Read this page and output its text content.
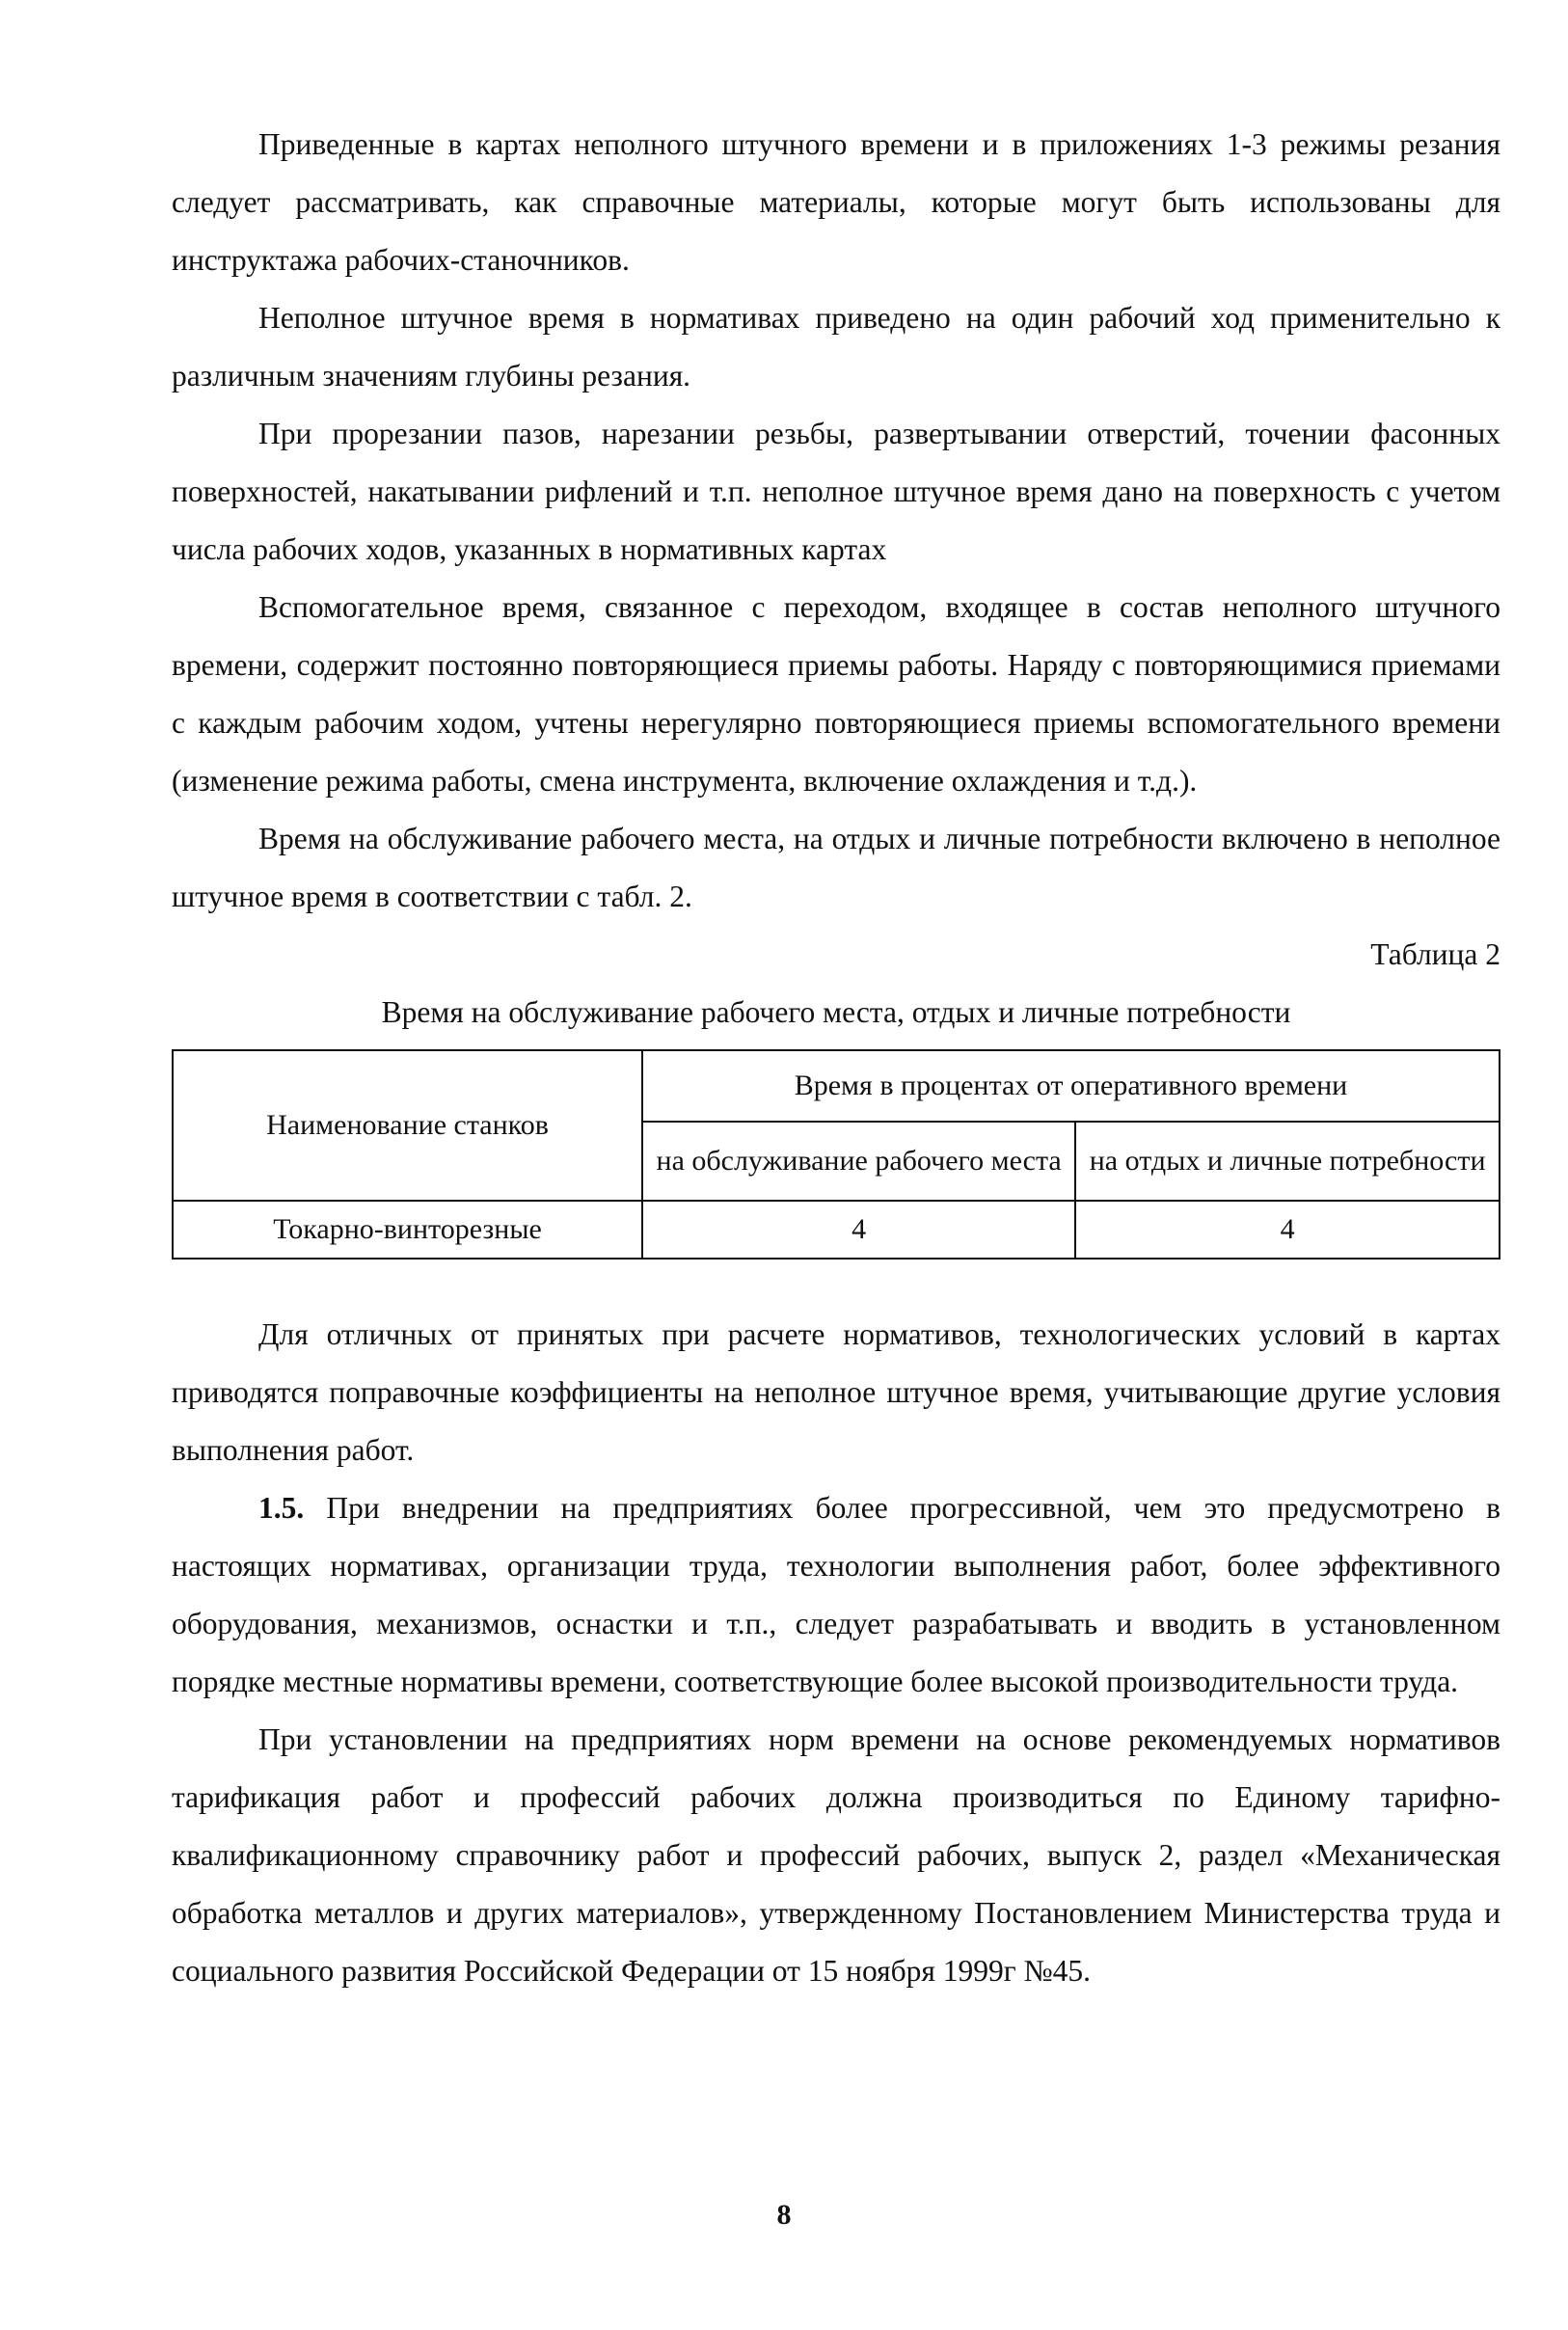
Приведенные в картах неполного штучного времени и в приложениях 1-3 режимы резания следует рассматривать, как справочные материалы, которые могут быть использованы для инструктажа рабочих-станочников.

Неполное штучное время в нормативах приведено на один рабочий ход применительно к различным значениям глубины резания.

При прорезании пазов, нарезании резьбы, развертывании отверстий, точении фасонных поверхностей, накатывании рифлений и т.п. неполное штучное время дано на поверхность с учетом числа рабочих ходов, указанных в нормативных картах

Вспомогательное время, связанное с переходом, входящее в состав неполного штучного времени, содержит постоянно повторяющиеся приемы работы. Наряду с повторяющимися приемами с каждым рабочим ходом, учтены нерегулярно повторяющиеся приемы вспомогательного времени (изменение режима работы, смена инструмента, включение охлаждения и т.д.).

Время на обслуживание рабочего места, на отдых и личные потребности включено в неполное штучное время в соответствии с табл. 2.

Таблица 2

Время на обслуживание рабочего места, отдых и личные потребности

Наименование станков	Время в процентах от оперативного времени	
	на обслуживание рабочего места	на отдых и личные потребности
Токарно-винторезные	4	4

Для отличных от принятых при расчете нормативов, технологических условий в картах приводятся поправочные коэффициенты на неполное штучное время, учитывающие другие условия выполнения работ.

1.5. При внедрении на предприятиях более прогрессивной, чем это предусмотрено в настоящих нормативах, организации труда, технологии выполнения работ, более эффективного оборудования, механизмов, оснастки и т.п., следует разрабатывать и вводить в установленном порядке местные нормативы времени, соответствующие более высокой производительности труда.

При установлении на предприятиях норм времени на основе рекомендуемых нормативов тарификация работ и профессий рабочих должна производиться по Единому тарифно-квалификационному справочнику работ и профессий рабочих, выпуск 2, раздел «Механическая обработка металлов и других материалов», утвержденному Постановлением Министерства труда и социального развития Российской Федерации от 15 ноября 1999г №45.

8
